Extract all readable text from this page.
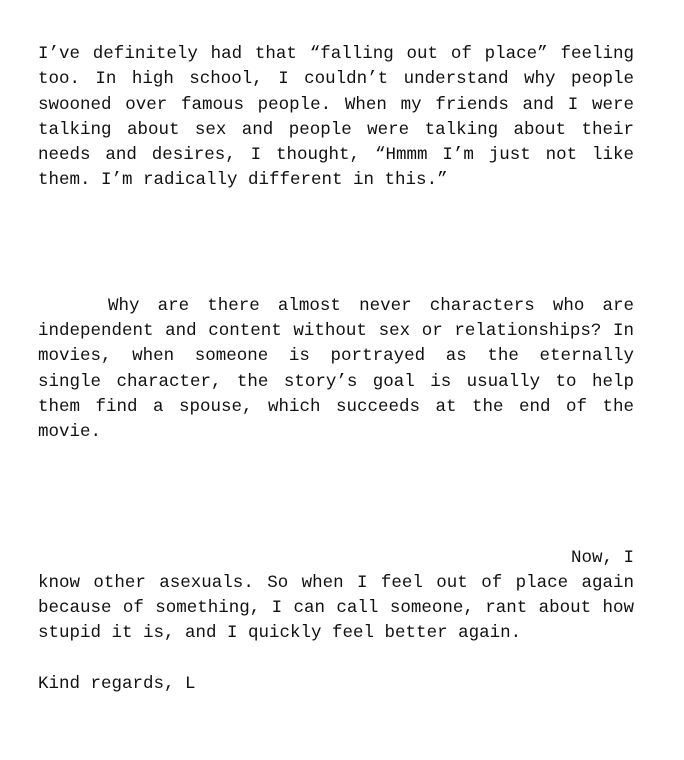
I’ve definitely had that “falling out of place” feeling too. In high school, I couldn’t understand why people swooned over famous people. When my friends and I were talking about sex and people were talking about their needs and desires, I thought, “Hmmm I’m just not like them. I’m radically different in this.”

Why are there almost never characters who are independent and content without sex or relationships? In movies, when someone is portrayed as the eternally single character, the story’s goal is usually to help them find a spouse, which succeeds at the end of the movie.

Now, I

know other asexuals. So when I feel out of place again because of something, I can call someone, rant about how stupid it is, and I quickly feel better again.

Kind regards, L
